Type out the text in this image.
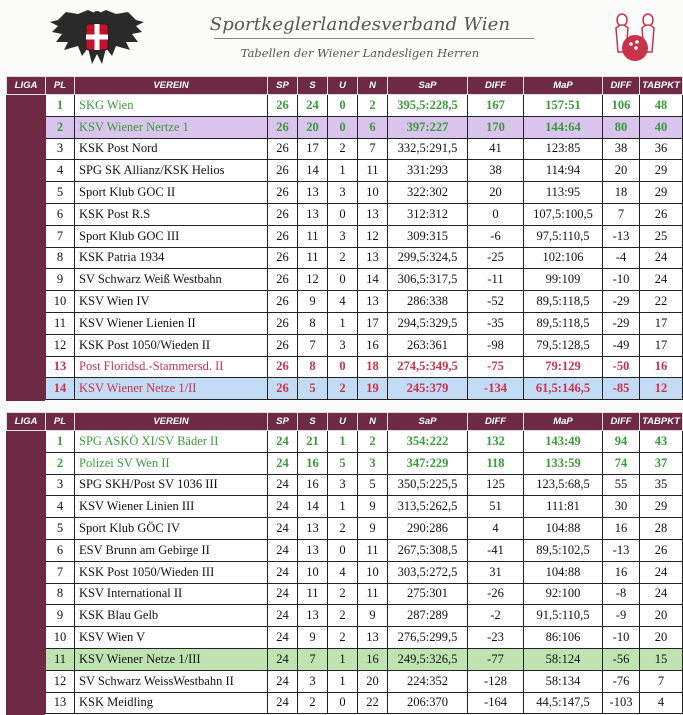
Sportkeglerlandesverband Wien
Tabellen der Wiener Landesligen Herren
LIGA	PL	VEREIN	SP	S	U	N	SaP	DIFF	MaP	DIFF	TABPKT
	1	SKG Wien	26	24	0	2	395,5:228,5	167	157:51	106	48
	2	KSV Wiener Nertze 1	26	20	0	6	397:227	170	144:64	80	40
	3	KSK Post Nord	26	17	2	7	332,5:291,5	41	123:85	38	36
	4	SPG SK Allianz/KSK Helios	26	14	1	11	331:293	38	114:94	20	29
	5	Sport Klub GOC II	26	13	3	10	322:302	20	113:95	18	29
	6	KSK Post R.S	26	13	0	13	312:312	0	107,5:100,5	7	26
	7	Sport Klub GOC III	26	11	3	12	309:315	-6	97,5:110,5	-13	25
	8	KSK Patria 1934	26	11	2	13	299,5:324,5	-25	102:106	-4	24
	9	SV Schwarz Weiß Westbahn	26	12	0	14	306,5:317,5	-11	99:109	-10	24
	10	KSV Wien IV	26	9	4	13	286:338	-52	89,5:118,5	-29	22
	11	KSV Wiener Lienien II	26	8	1	17	294,5:329,5	-35	89,5:118,5	-29	17
	12	KSK Post 1050/Wieden II	26	7	3	16	263:361	-98	79,5:128,5	-49	17
	13	Post Floridsd.-Stammersd. II	26	8	0	18	274,5:349,5	-75	79:129	-50	16
	14	KSV Wiener Netze 1/II	26	5	2	19	245:379	-134	61,5:146,5	-85	12
LIGA	PL	VEREIN	SP	S	U	N	SaP	DIFF	MaP	DIFF	TABPKT
	1	SPG ASKÖ XI/SV Bäder II	24	21	1	2	354:222	132	143:49	94	43
	2	Polizei SV Wen II	24	16	5	3	347:229	118	133:59	74	37
	3	SPG SKH/Post SV 1036 III	24	16	3	5	350,5:225,5	125	123,5:68,5	55	35
	4	KSV Wiener Linien III	24	14	1	9	313,5:262,5	51	111:81	30	29
	5	Sport Klub GÖC IV	24	13	2	9	290:286	4	104:88	16	28
	6	ESV Brunn am Gebirge II	24	13	0	11	267,5:308,5	-41	89,5:102,5	-13	26
	7	KSK Post 1050/Wieden III	24	10	4	10	303,5:272,5	31	104:88	16	24
	8	KSV International II	24	11	2	11	275:301	-26	92:100	-8	24
	9	KSK Blau Gelb	24	13	2	9	287:289	-2	91,5:110,5	-9	20
	10	KSV Wien V	24	9	2	13	276,5:299,5	-23	86:106	-10	20
	11	KSV Wiener Netze 1/III	24	7	1	16	249,5:326,5	-77	58:124	-56	15
	12	SV Schwarz WeissWestbahn II	24	3	1	20	224:352	-128	58:134	-76	7
	13	KSK Meidling	24	2	0	22	206:370	-164	44,5:147,5	-103	4
